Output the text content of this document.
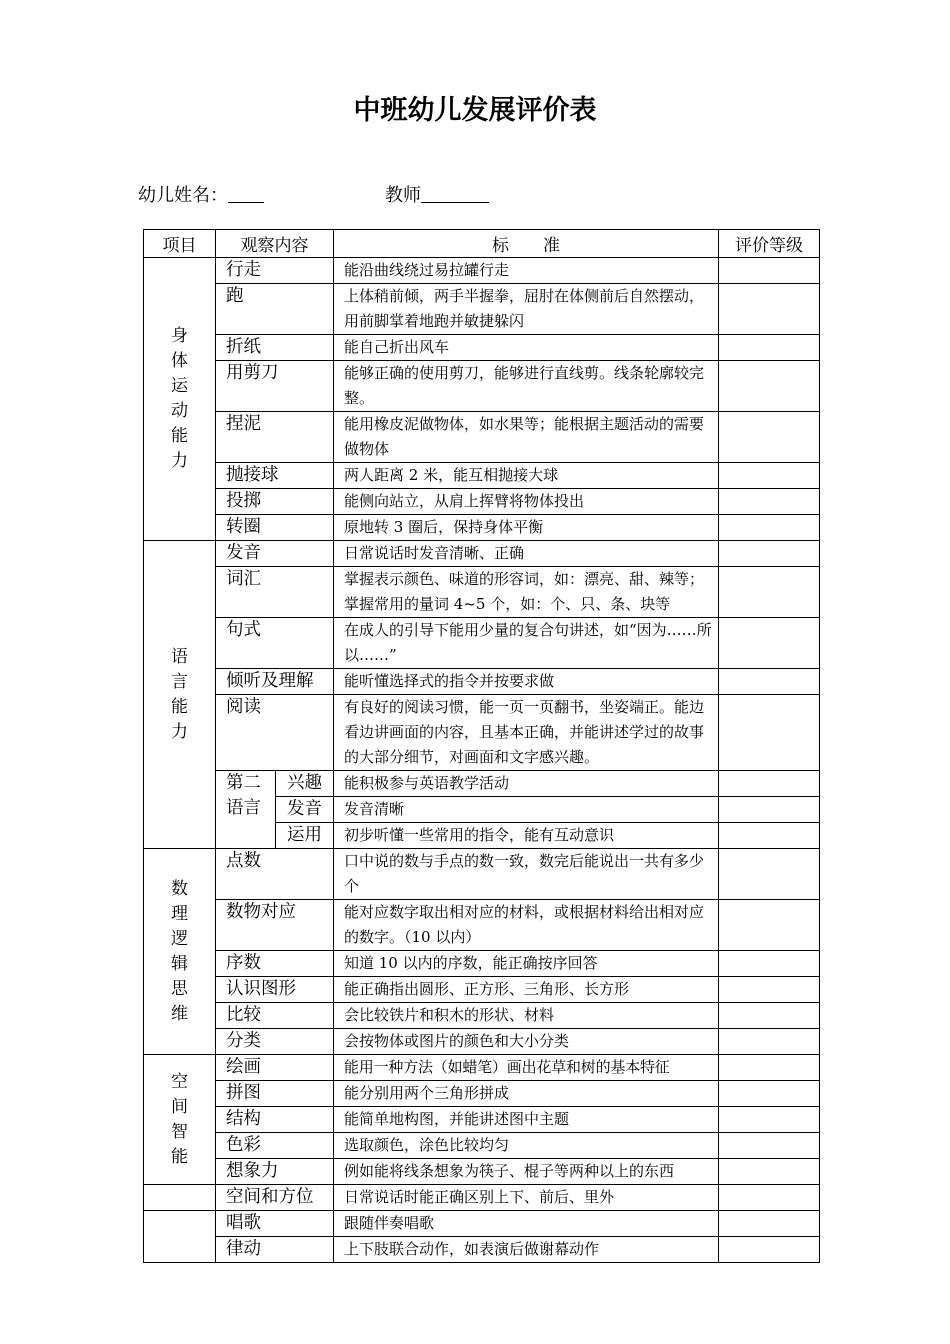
中班幼儿发展评价表
幼儿姓名：	教师
项目	观察内容		标　　准	评价等级

身体运动能力	行走		能沿曲线绕过易拉罐行走	
	跑		上体稍前倾，两手半握拳，屈肘在体侧前后自然摆动，用前脚掌着地跑并敏捷躲闪	
	折纸		能自己折出风车	
	用剪刀		能够正确的使用剪刀，能够进行直线剪。线条轮廓较完整。	
	捏泥		能用橡皮泥做物体，如水果等；能根据主题活动的需要做物体	
	抛接球		两人距离 2 米，能互相抛接大球	
	投掷		能侧向站立，从肩上挥臂将物体投出	
	转圈		原地转 3 圈后，保持身体平衡	

语言能力	发音		日常说话时发音清晰、正确	
	词汇		掌握表示颜色、味道的形容词，如：漂亮、甜、辣等；掌握常用的量词 4~5 个，如：个、只、条、块等	
	句式		在成人的引导下能用少量的复合句讲述，如“因为……所以……”	
	倾听及理解		能听懂选择式的指令并按要求做	
	阅读		有良好的阅读习惯，能一页一页翻书，坐姿端正。能边看边讲画面的内容，且基本正确，并能讲述学过的故事的大部分细节，对画面和文字感兴趣。	

	第二语言	兴趣	能积极参与英语教学活动	
		发音	发音清晰	
		运用	初步听懂一些常用的指令，能有互动意识	

数理逻辑思维	点数		口中说的数与手点的数一致，数完后能说出一共有多少个	
	数物对应		能对应数字取出相对应的材料，或根据材料给出相对应的数字。（10 以内）	
	序数		知道 10 以内的序数，能正确按序回答	
	认识图形		能正确指出圆形、正方形、三角形、长方形	
	比较		会比较铁片和积木的形状、材料	
	分类		会按物体或图片的颜色和大小分类	

空间智能	绘画		能用一种方法（如蜡笔）画出花草和树的基本特征	
	拼图		能分别用两个三角形拼成	
	结构		能简单地构图，并能讲述图中主题	
	色彩		选取颜色，涂色比较均匀	
	想象力		例如能将线条想象为筷子、棍子等两种以上的东西	
	空间和方位		日常说话时能正确区别上下、前后、里外	
	唱歌		跟随伴奏唱歌	
	律动		上下肢联合动作，如表演后做谢幕动作	
